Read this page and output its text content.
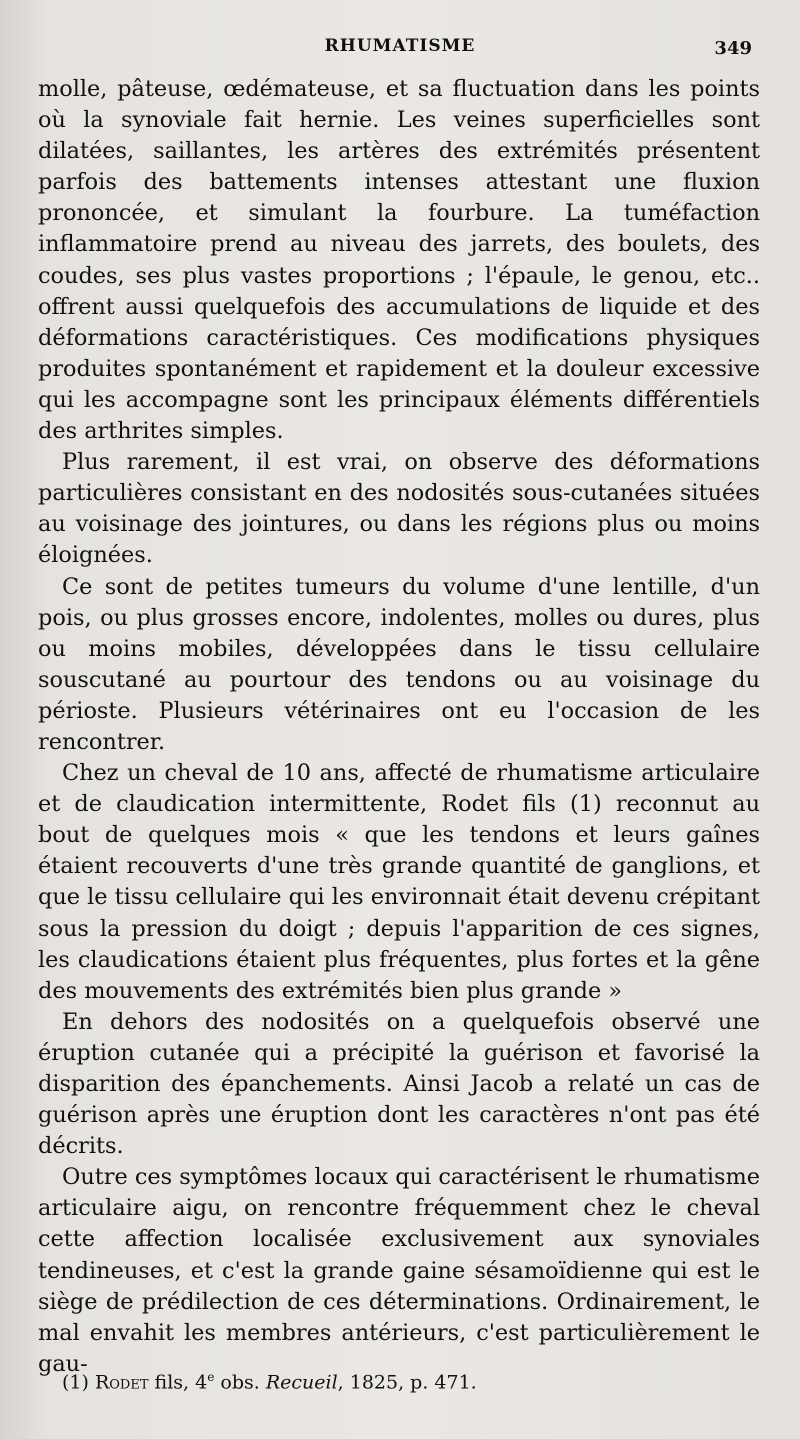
RHUMATISME	349

molle, pâteuse, œdémateuse, et sa fluctuation dans les points où la synoviale fait hernie. Les veines superficielles sont dilatées, saillantes, les artères des extrémités présentent parfois des battements intenses attestant une fluxion prononcée, et simulant la fourbure. La tuméfaction inflammatoire prend au niveau des jarrets, des boulets, des coudes, ses plus vastes proportions ; l'épaule, le genou, etc.. offrent aussi quelquefois des accumulations de liquide et des déformations caractéristiques. Ces modifications physiques produites spontanément et rapidement et la douleur excessive qui les accompagne sont les principaux éléments différentiels des arthrites simples.

Plus rarement, il est vrai, on observe des déformations particulières consistant en des nodosités sous-cutanées situées au voisinage des jointures, ou dans les régions plus ou moins éloignées.

Ce sont de petites tumeurs du volume d'une lentille, d'un pois, ou plus grosses encore, indolentes, molles ou dures, plus ou moins mobiles, développées dans le tissu cellulaire souscutané au pourtour des tendons ou au voisinage du périoste. Plusieurs vétérinaires ont eu l'occasion de les rencontrer.

Chez un cheval de 10 ans, affecté de rhumatisme articulaire et de claudication intermittente, Rodet fils (1) reconnut au bout de quelques mois « que les tendons et leurs gaînes étaient recouverts d'une très grande quantité de ganglions, et que le tissu cellulaire qui les environnait était devenu crépitant sous la pression du doigt ; depuis l'apparition de ces signes, les claudications étaient plus fréquentes, plus fortes et la gêne des mouvements des extrémités bien plus grande »

En dehors des nodosités on a quelquefois observé une éruption cutanée qui a précipité la guérison et favorisé la disparition des épanchements. Ainsi Jacob a relaté un cas de guérison après une éruption dont les caractères n'ont pas été décrits.

Outre ces symptômes locaux qui caractérisent le rhumatisme articulaire aigu, on rencontre fréquemment chez le cheval cette affection localisée exclusivement aux synoviales tendineuses, et c'est la grande gaine sésamoïdienne qui est le siège de prédilection de ces déterminations. Ordinairement, le mal envahit les membres antérieurs, c'est particulièrement le gau-

(1) Rodet fils, 4e obs. Recueil, 1825, p. 471.
